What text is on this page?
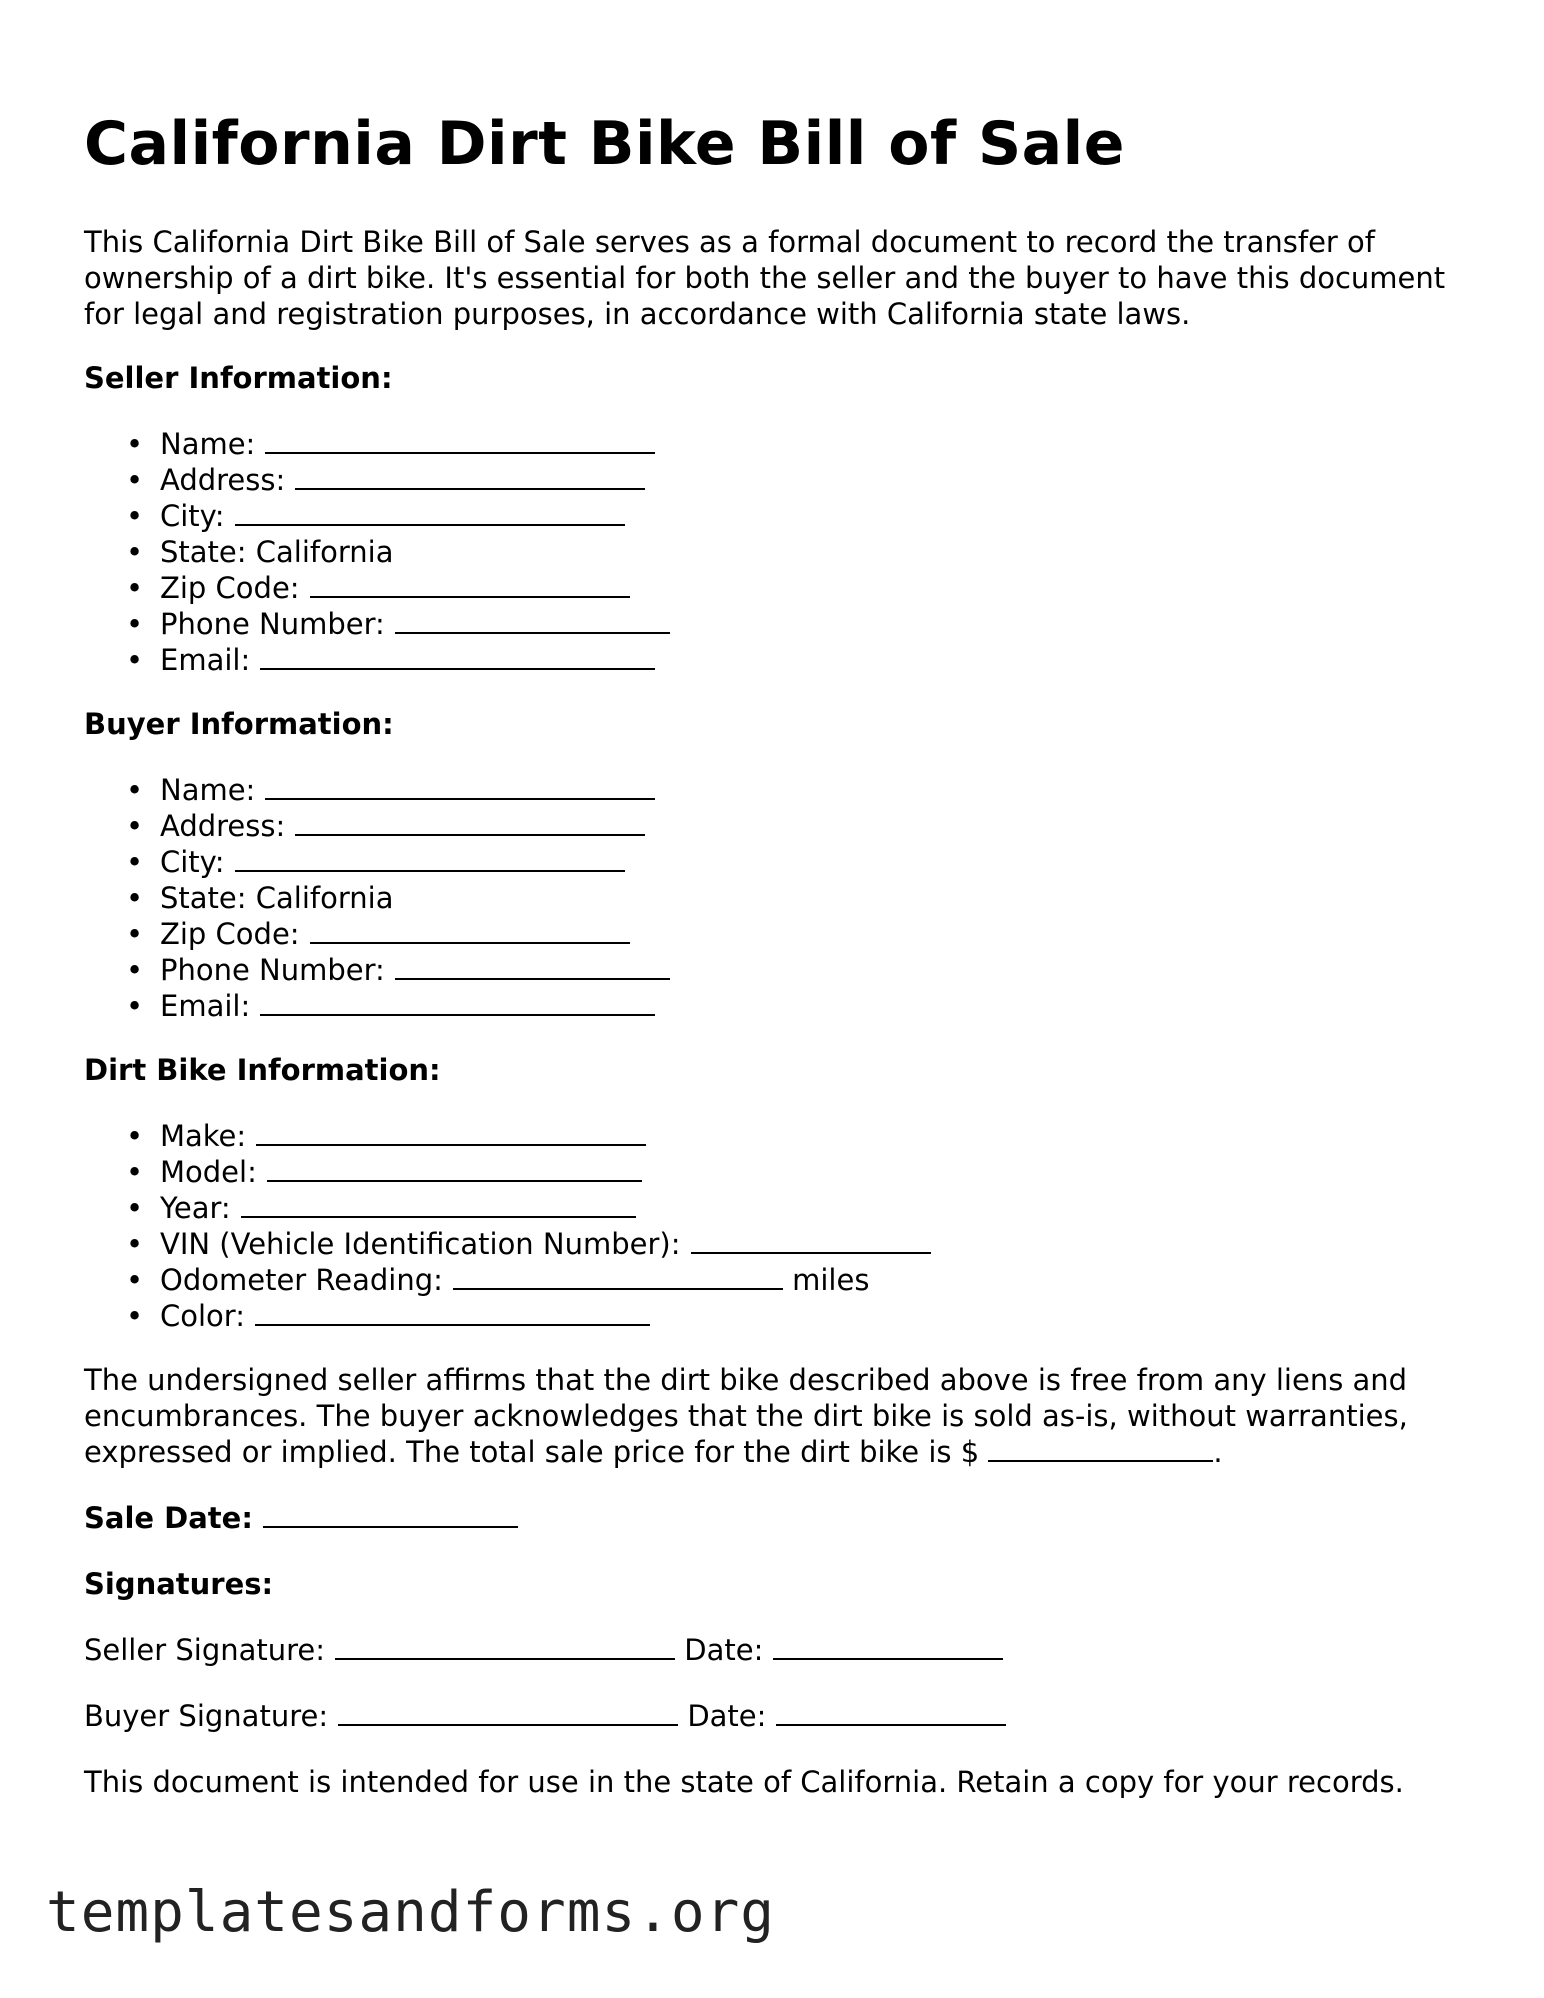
California Dirt Bike Bill of Sale

This California Dirt Bike Bill of Sale serves as a formal document to record the transfer of ownership of a dirt bike. It's essential for both the seller and the buyer to have this document for legal and registration purposes, in accordance with California state laws.

Seller Information:
• Name:
• Address:
• City:
• State: California
• Zip Code:
• Phone Number:
• Email:
Buyer Information:
• Name:
• Address:
• City:
• State: California
• Zip Code:
• Phone Number:
• Email:
Dirt Bike Information:
• Make:
• Model:
• Year:
• VIN (Vehicle Identification Number):
• Odometer Reading:	miles
• Color:

The undersigned seller affirms that the dirt bike described above is free from any liens and encumbrances. The buyer acknowledges that the dirt bike is sold as-is, without warranties, expressed or implied. The total sale price for the dirt bike is $	.

Sale Date:
Signatures:
Seller Signature:	Date:
Buyer Signature:	Date:

This document is intended for use in the state of California. Retain a copy for your records.

templatesandforms.org
